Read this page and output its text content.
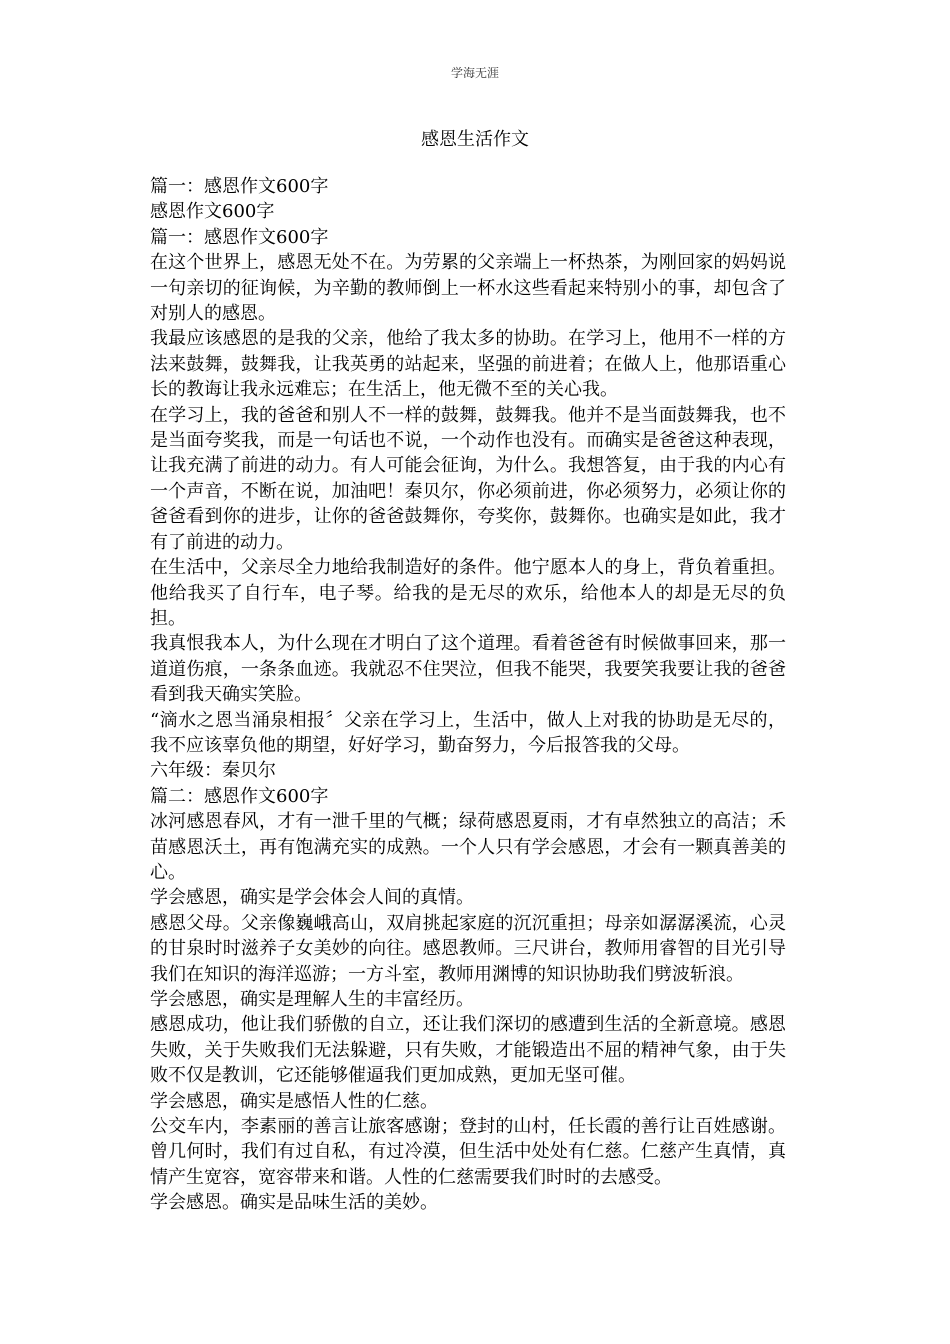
学海无涯
感恩生活作文

篇一：感恩作文600字

感恩作文600字

篇一：感恩作文600字

在这个世界上，感恩无处不在。为劳累的父亲端上一杯热茶，为刚回家的妈妈说一句亲切的征询候，为辛勤的教师倒上一杯水这些看起来特别小的事，却包含了对别人的感恩。

我最应该感恩的是我的父亲，他给了我太多的协助。在学习上，他用不一样的方法来鼓舞，鼓舞我，让我英勇的站起来，坚强的前进着；在做人上，他那语重心长的教诲让我永远难忘；在生活上，他无微不至的关心我。

在学习上，我的爸爸和别人不一样的鼓舞，鼓舞我。他并不是当面鼓舞我，也不是当面夸奖我，而是一句话也不说，一个动作也没有。而确实是爸爸这种表现，让我充满了前进的动力。有人可能会征询，为什么。我想答复，由于我的内心有一个声音，不断在说，加油吧！秦贝尔，你必须前进，你必须努力，必须让你的爸爸看到你的进步，让你的爸爸鼓舞你，夸奖你，鼓舞你。也确实是如此，我才有了前进的动力。

在生活中，父亲尽全力地给我制造好的条件。他宁愿本人的身上，背负着重担。他给我买了自行车，电子琴。给我的是无尽的欢乐，给他本人的却是无尽的负担。

我真恨我本人，为什么现在才明白了这个道理。看着爸爸有时候做事回来，那一道道伤痕，一条条血迹。我就忍不住哭泣，但我不能哭，我要笑我要让我的爸爸看到我天确实笑脸。

“滴水之恩当涌泉相报〞父亲在学习上，生活中，做人上对我的协助是无尽的，我不应该辜负他的期望，好好学习，勤奋努力，今后报答我的父母。

六年级：秦贝尔

篇二：感恩作文600字

冰河感恩春风，才有一泄千里的气概；绿荷感恩夏雨，才有卓然独立的高洁；禾苗感恩沃土，再有饱满充实的成熟。一个人只有学会感恩，才会有一颗真善美的心。

学会感恩，确实是学会体会人间的真情。

感恩父母。父亲像巍峨高山，双肩挑起家庭的沉沉重担；母亲如潺潺溪流，心灵的甘泉时时滋养子女美妙的向往。感恩教师。三尺讲台，教师用睿智的目光引导我们在知识的海洋巡游；一方斗室，教师用渊博的知识协助我们劈波斩浪。

学会感恩，确实是理解人生的丰富经历。

感恩成功，他让我们骄傲的自立，还让我们深切的感遭到生活的全新意境。感恩失败，关于失败我们无法躲避，只有失败，才能锻造出不屈的精神气象，由于失败不仅是教训，它还能够催逼我们更加成熟，更加无坚可催。

学会感恩，确实是感悟人性的仁慈。

公交车内，李素丽的善言让旅客感谢；登封的山村，任长霞的善行让百姓感谢。曾几何时，我们有过自私，有过冷漠，但生活中处处有仁慈。仁慈产生真情，真情产生宽容，宽容带来和谐。人性的仁慈需要我们时时的去感受。

学会感恩。确实是品味生活的美妙。
